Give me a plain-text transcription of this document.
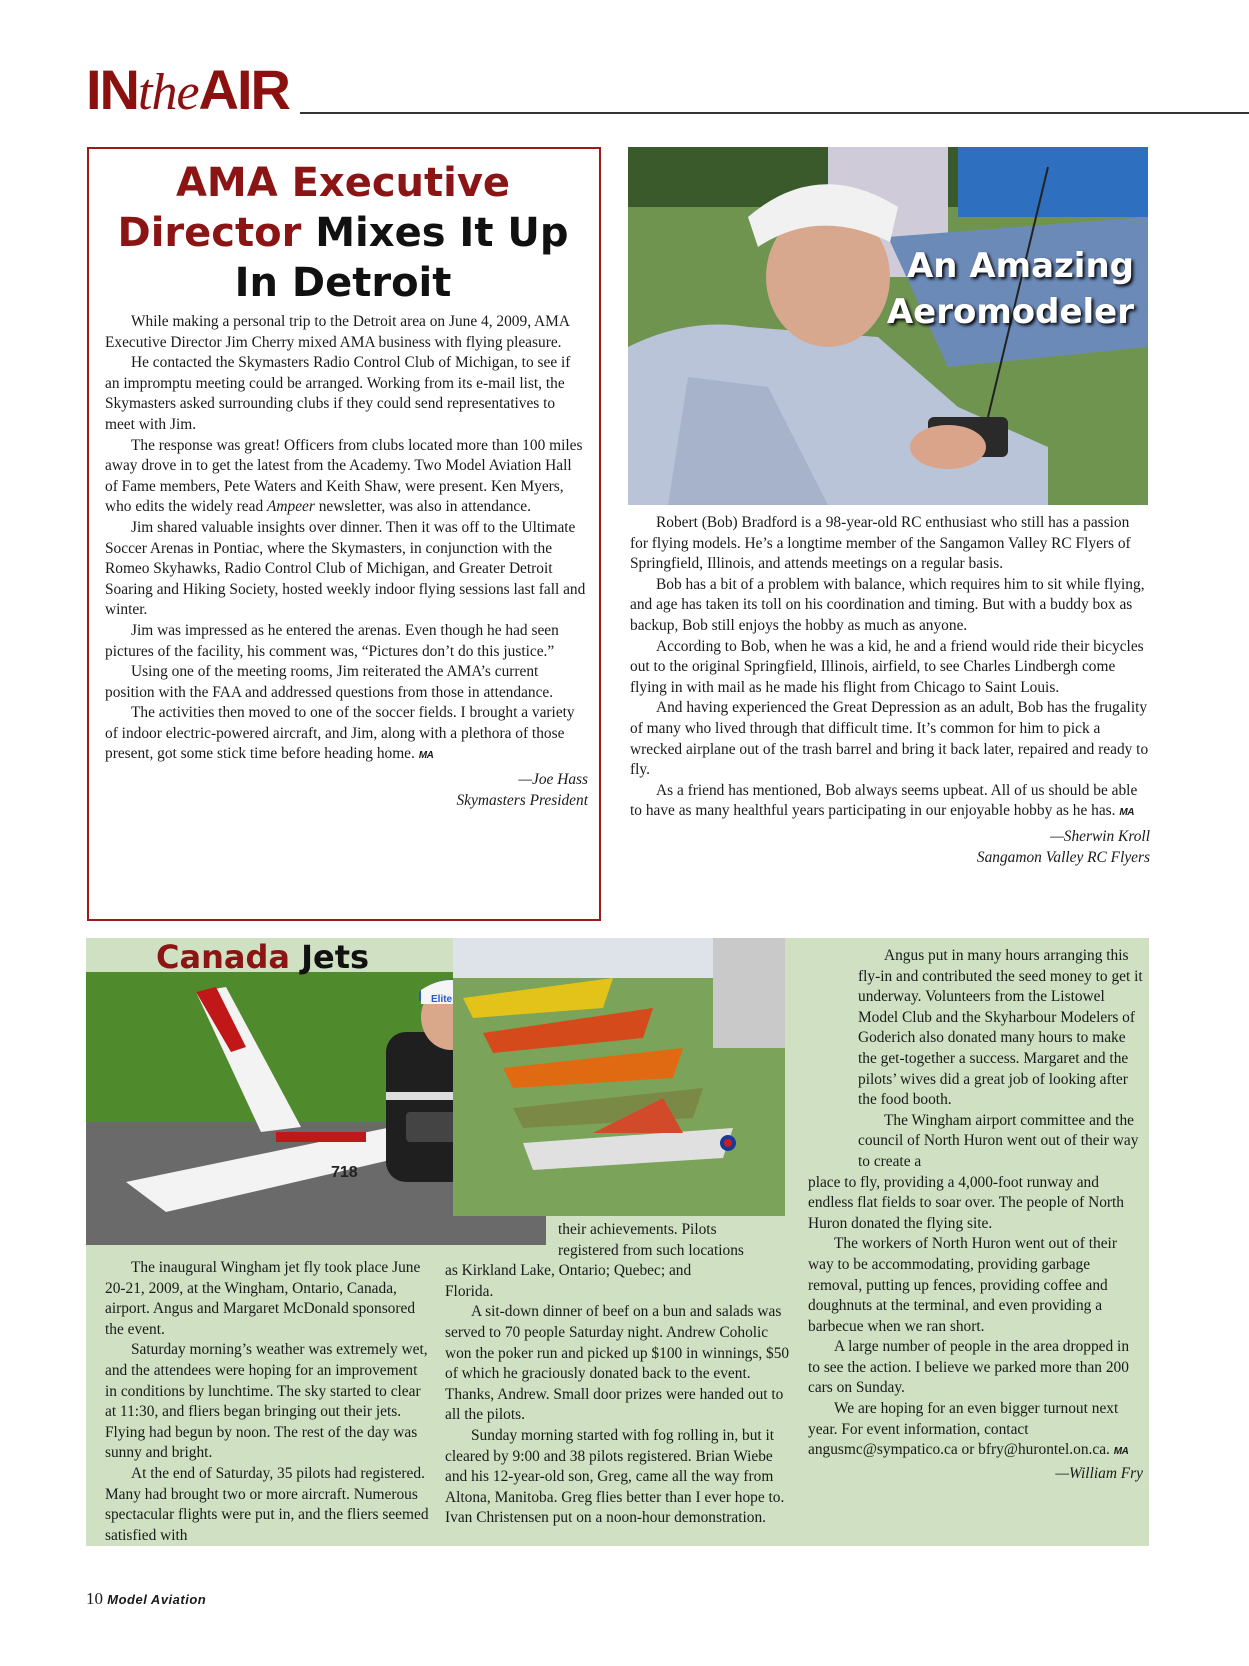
INtheAIR
AMA Executive Director Mixes It Up In Detroit

While making a personal trip to the Detroit area on June 4, 2009, AMA Executive Director Jim Cherry mixed AMA business with flying pleasure.

He contacted the Skymasters Radio Control Club of Michigan, to see if an impromptu meeting could be arranged. Working from its e-mail list, the Skymasters asked surrounding clubs if they could send representatives to meet with Jim.

The response was great! Officers from clubs located more than 100 miles away drove in to get the latest from the Academy. Two Model Aviation Hall of Fame members, Pete Waters and Keith Shaw, were present. Ken Myers, who edits the widely read Ampeer newsletter, was also in attendance.

Jim shared valuable insights over dinner. Then it was off to the Ultimate Soccer Arenas in Pontiac, where the Skymasters, in conjunction with the Romeo Skyhawks, Radio Control Club of Michigan, and Greater Detroit Soaring and Hiking Society, hosted weekly indoor flying sessions last fall and winter.

Jim was impressed as he entered the arenas. Even though he had seen pictures of the facility, his comment was, “Pictures don’t do this justice.”

Using one of the meeting rooms, Jim reiterated the AMA’s current position with the FAA and addressed questions from those in attendance.

The activities then moved to one of the soccer fields. I brought a variety of indoor electric-powered aircraft, and Jim, along with a plethora of those present, got some stick time before heading home. MA

—Joe Hass
Skymasters President
An Amazing
Aeromodeler

Robert (Bob) Bradford is a 98-year-old RC enthusiast who still has a passion for flying models. He’s a longtime member of the Sangamon Valley RC Flyers of Springfield, Illinois, and attends meetings on a regular basis.

Bob has a bit of a problem with balance, which requires him to sit while flying, and age has taken its toll on his coordination and timing. But with a buddy box as backup, Bob still enjoys the hobby as much as anyone.

According to Bob, when he was a kid, he and a friend would ride their bicycles out to the original Springfield, Illinois, airfield, to see Charles Lindbergh come flying in with mail as he made his flight from Chicago to Saint Louis.

And having experienced the Great Depression as an adult, Bob has the frugality of many who lived through that difficult time. It’s common for him to pick a wrecked airplane out of the trash barrel and bring it back later, repaired and ready to fly.

As a friend has mentioned, Bob always seems upbeat. All of us should be able to have as many healthful years participating in our enjoyable hobby as he has. MA

—Sherwin Kroll
Sangamon Valley RC Flyers
718
Elite
Canada Jets

The inaugural Wingham jet fly took place June 20-21, 2009, at the Wingham, Ontario, Canada, airport. Angus and Margaret McDonald sponsored the event.

Saturday morning’s weather was extremely wet, and the attendees were hoping for an improvement in conditions by lunchtime. The sky started to clear at 11:30, and fliers began bringing out their jets. Flying had begun by noon. The rest of the day was sunny and bright.

At the end of Saturday, 35 pilots had registered. Many had brought two or more aircraft. Numerous spectacular flights were put in, and the fliers seemed satisfied with

their achievements. Pilots
registered from such locations
as Kirkland Lake, Ontario; Quebec; and
Florida.

A sit-down dinner of beef on a bun and salads was served to 70 people Saturday night. Andrew Coholic won the poker run and picked up $100 in winnings, $50 of which he graciously donated back to the event. Thanks, Andrew. Small door prizes were handed out to all the pilots.

Sunday morning started with fog rolling in, but it cleared by 9:00 and 38 pilots registered. Brian Wiebe and his 12-year-old son, Greg, came all the way from Altona, Manitoba. Greg flies better than I ever hope to. Ivan Christensen put on a noon-hour demonstration.

Angus put in many hours arranging this fly-in and contributed the seed money to get it underway. Volunteers from the Listowel Model Club and the Skyharbour Modelers of Goderich also donated many hours to make the get-together a success. Margaret and the pilots’ wives did a great job of looking after the food booth.

The Wingham airport committee and the council of North Huron went out of their way to create a

place to fly, providing a 4,000-foot runway and endless flat fields to soar over. The people of North Huron donated the flying site.

The workers of North Huron went out of their way to be accommodating, providing garbage removal, putting up fences, providing coffee and doughnuts at the terminal, and even providing a barbecue when we ran short.

A large number of people in the area dropped in to see the action. I believe we parked more than 200 cars on Sunday.

We are hoping for an even bigger turnout next year. For event information, contact angusmc@sympatico.ca or bfry@hurontel.on.ca. MA

—William Fry
10 Model Aviation
